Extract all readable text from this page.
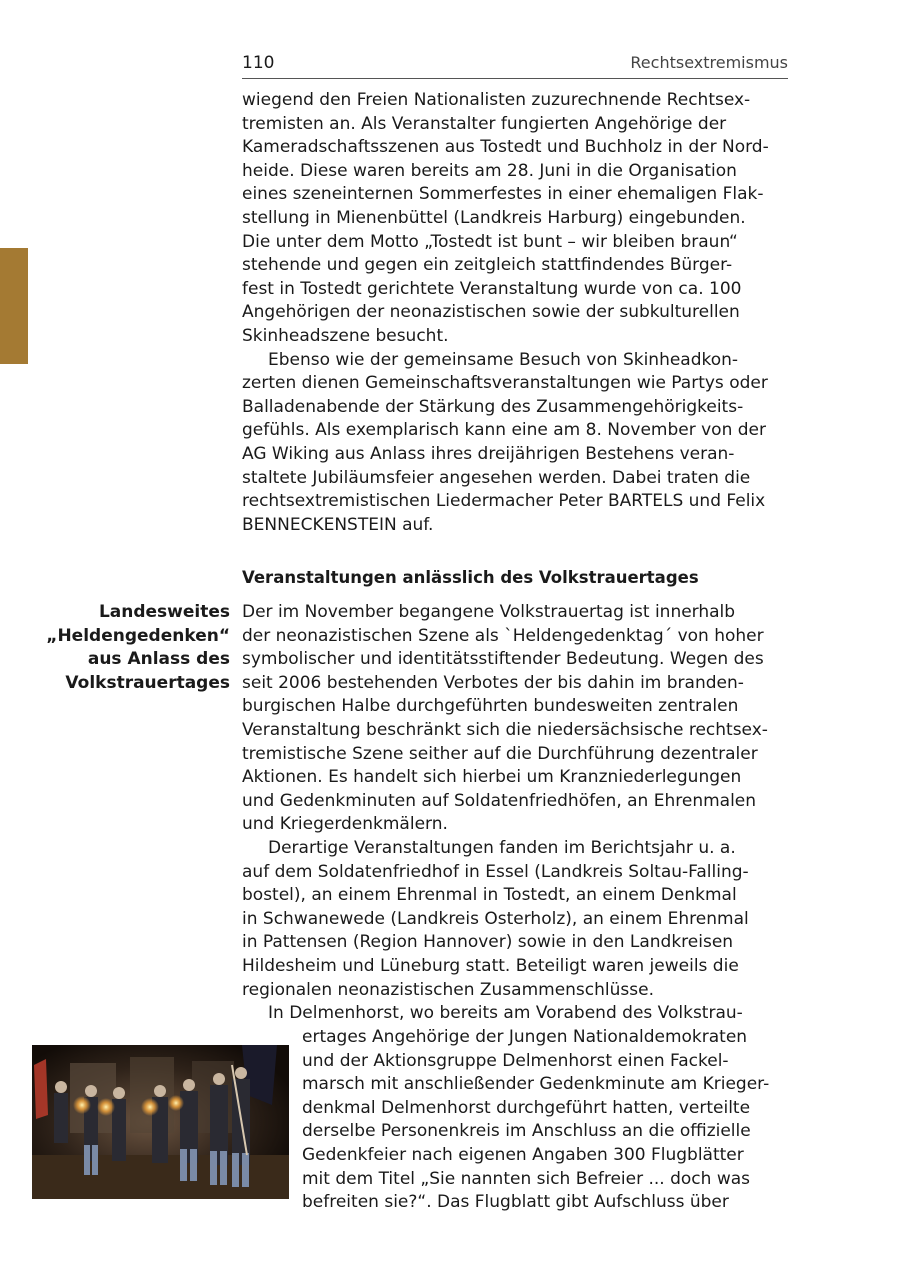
110	Rechtsextremismus
wiegend den Freien Nationalisten zuzurechnende Rechtsex-
tremisten an. Als Veranstalter fungierten Angehörige der
Kameradschaftsszenen aus Tostedt und Buchholz in der Nord-
heide. Diese waren bereits am 28. Juni in die Organisation
eines szeneinternen Sommerfestes in einer ehemaligen Flak-
stellung in Mienenbüttel (Landkreis Harburg) eingebunden.
Die unter dem Motto „Tostedt ist bunt – wir bleiben braun“
stehende und gegen ein zeitgleich stattfindendes Bürger-
fest in Tostedt gerichtete Veranstaltung wurde von ca. 100
Angehörigen der neonazistischen sowie der subkulturellen
Skinheadszene besucht.
Ebenso wie der gemeinsame Besuch von Skinheadkon-
zerten dienen Gemeinschaftsveranstaltungen wie Partys oder
Balladenabende der Stärkung des Zusammengehörigkeits-
gefühls. Als exemplarisch kann eine am 8. November von der
AG Wiking aus Anlass ihres dreijährigen Bestehens veran-
staltete Jubiläumsfeier angesehen werden. Dabei traten die
rechtsextremistischen Liedermacher Peter BARTELS und Felix
BENNECKENSTEIN auf.
Veranstaltungen anlässlich des Volkstrauertages
Landesweites
„Heldengedenken“
aus Anlass des
Volkstrauertages
Der im November begangene Volkstrauertag ist innerhalb
der neonazistischen Szene als `Heldengedenktag´ von hoher
symbolischer und identitätsstiftender Bedeutung. Wegen des
seit 2006 bestehenden Verbotes der bis dahin im branden-
burgischen Halbe durchgeführten bundesweiten zentralen
Veranstaltung beschränkt sich die niedersächsische rechtsex-
tremistische Szene seither auf die Durchführung dezentraler
Aktionen. Es handelt sich hierbei um Kranzniederlegungen
und Gedenkminuten auf Soldatenfriedhöfen, an Ehrenmalen
und Kriegerdenkmälern.
Derartige Veranstaltungen fanden im Berichtsjahr u. a.
auf dem Soldatenfriedhof in Essel (Landkreis Soltau-Falling-
bostel), an einem Ehrenmal in Tostedt, an einem Denkmal
in Schwanewede (Landkreis Osterholz), an einem Ehrenmal
in Pattensen (Region Hannover) sowie in den Landkreisen
Hildesheim und Lüneburg statt. Beteiligt waren jeweils die
regionalen neonazistischen Zusammenschlüsse.
In Delmenhorst, wo bereits am Vorabend des Volkstrau-
ertages Angehörige der Jungen Nationaldemokraten
und der Aktionsgruppe Delmenhorst einen Fackel-
marsch mit anschließender Gedenkminute am Krieger-
denkmal Delmenhorst durchgeführt hatten, verteilte
derselbe Personenkreis im Anschluss an die offizielle
Gedenkfeier nach eigenen Angaben 300 Flugblätter
mit dem Titel „Sie nannten sich Befreier ... doch was
befreiten sie?“. Das Flugblatt gibt Aufschluss über
